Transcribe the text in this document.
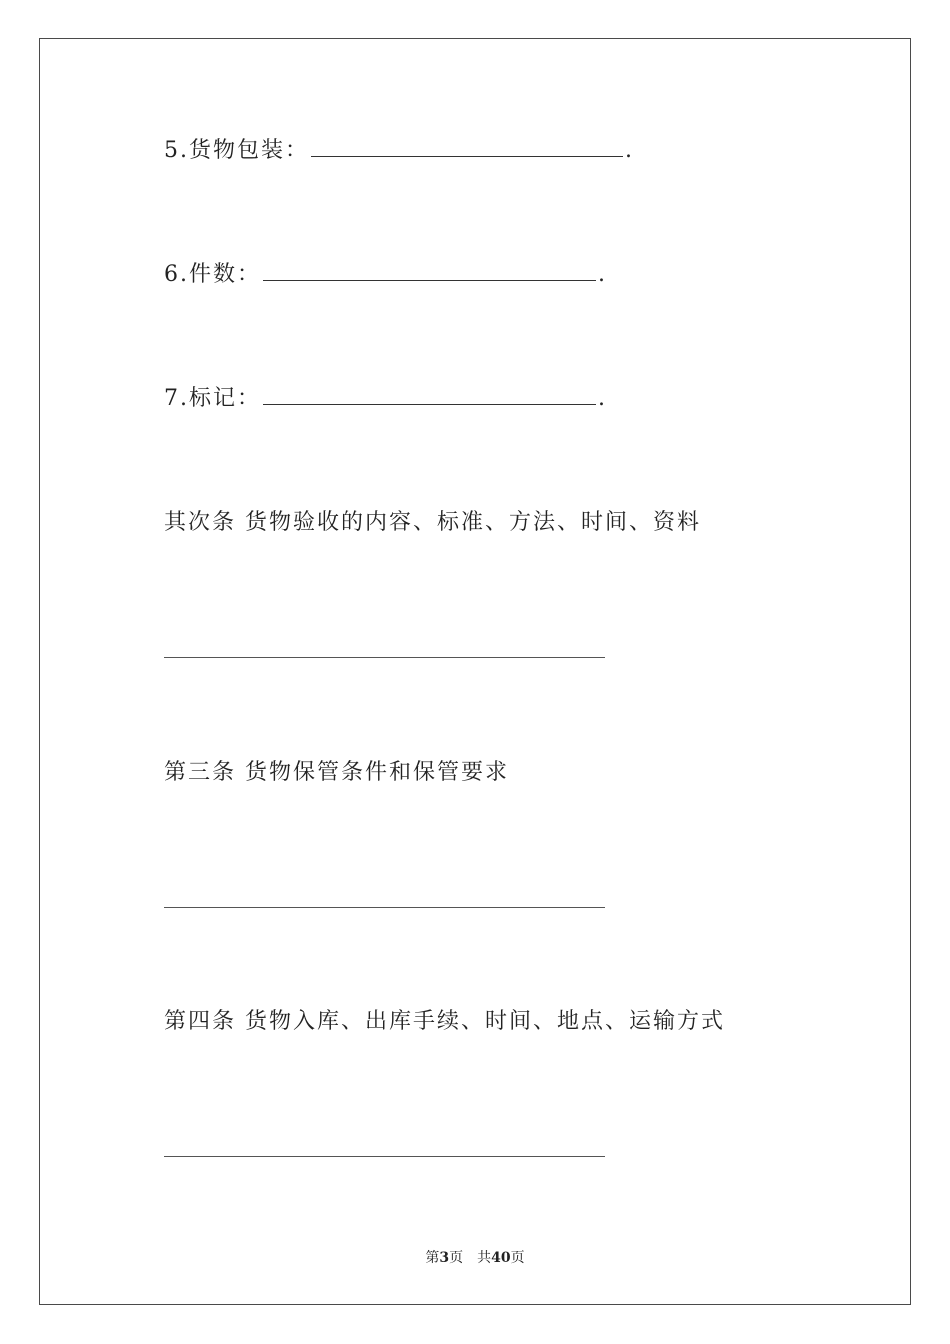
5.货物包装：	.
6.件数：	.
7.标记：	.
其次条 货物验收的内容、标准、方法、时间、资料
第三条 货物保管条件和保管要求
第四条 货物入库、出库手续、时间、地点、运输方式
第3页 共40页
